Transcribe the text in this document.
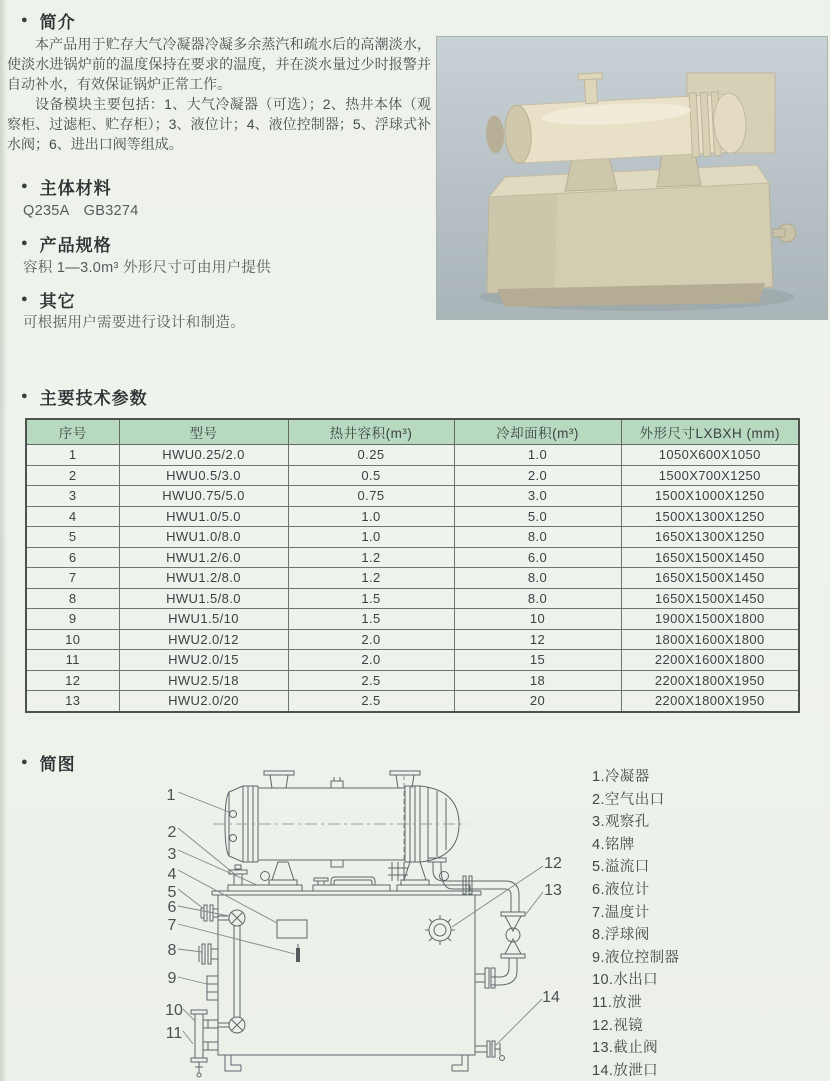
● 简介

本产品用于贮存大气冷凝器冷凝多余蒸汽和疏水后的高潮淡水，使淡水进锅炉前的温度保持在要求的温度，并在淡水量过少时报警并自动补水，有效保证锅炉正常工作。

设备模块主要包括：1、大气冷凝器（可选）；2、热井本体（观察柜、过滤柜、贮存柜）；3、液位计；4、液位控制器；5、浮球式补水阀；6、进出口阀等组成。

● 主体材料
Q235A　GB3274
● 产品规格
容积 1—3.0m³ 外形尺寸可由用户提供
● 其它
可根据用户需要进行设计和制造。
● 主要技术参数
序号	型号	热井容积(m³)	冷却面积(m³)	外形尺寸LXBXH (mm)
1	HWU0.25/2.0	0.25	1.0	1050X600X1050
2	HWU0.5/3.0	0.5	2.0	1500X700X1250
3	HWU0.75/5.0	0.75	3.0	1500X1000X1250
4	HWU1.0/5.0	1.0	5.0	1500X1300X1250
5	HWU1.0/8.0	1.0	8.0	1650X1300X1250
6	HWU1.2/6.0	1.2	6.0	1650X1500X1450
7	HWU1.2/8.0	1.2	8.0	1650X1500X1450
8	HWU1.5/8.0	1.5	8.0	1650X1500X1450
9	HWU1.5/10	1.5	10	1900X1500X1800
10	HWU2.0/12	2.0	12	1800X1600X1800
11	HWU2.0/15	2.0	15	2200X1600X1800
12	HWU2.5/18	2.5	18	2200X1800X1950
13	HWU2.0/20	2.5	20	2200X1800X1950
● 简图
1
2
3
4
5
6
7
8
9
10
11
12
13
14
1.冷凝器
2.空气出口
3.观察孔
4.铭牌
5.溢流口
6.液位计
7.温度计
8.浮球阀
9.液位控制器
10.水出口
11.放泄
12.视镜
13.截止阀
14.放泄口
